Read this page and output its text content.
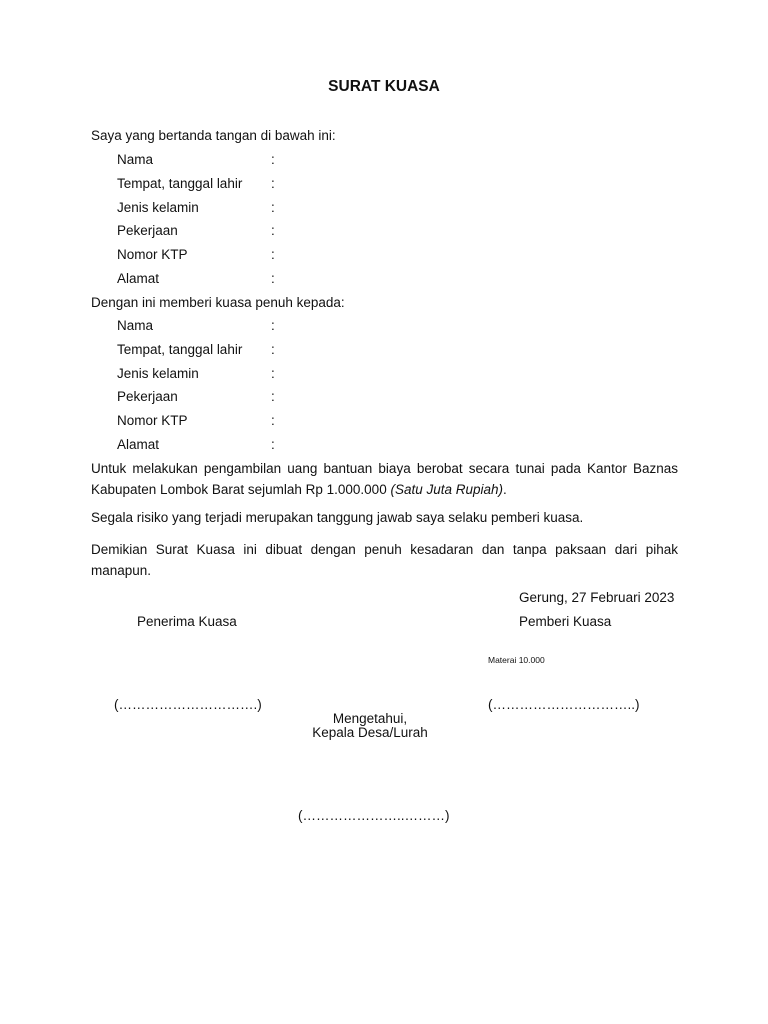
SURAT KUASA
Saya yang bertanda tangan di bawah ini:
Nama	:
Tempat, tanggal lahir :
Jenis kelamin	:
Pekerjaan	:
Nomor KTP	:
Alamat	:
Dengan ini memberi kuasa penuh kepada:
Nama	:
Tempat, tanggal lahir :
Jenis kelamin	:
Pekerjaan	:
Nomor KTP	:
Alamat	:
Untuk melakukan pengambilan uang bantuan biaya berobat secara tunai pada Kantor Baznas Kabupaten Lombok Barat sejumlah Rp 1.000.000 (Satu Juta Rupiah).
Segala risiko yang terjadi merupakan tanggung jawab saya selaku pemberi kuasa.
Demikian Surat Kuasa ini dibuat dengan penuh kesadaran dan tanpa paksaan dari pihak manapun.
Gerung, 27 Februari 2023
Penerima Kuasa	Pemberi Kuasa
Materai 10.000
(………………………….)	(…………………………..)
Mengetahui,
Kepala Desa/Lurah
(…………………..………)
